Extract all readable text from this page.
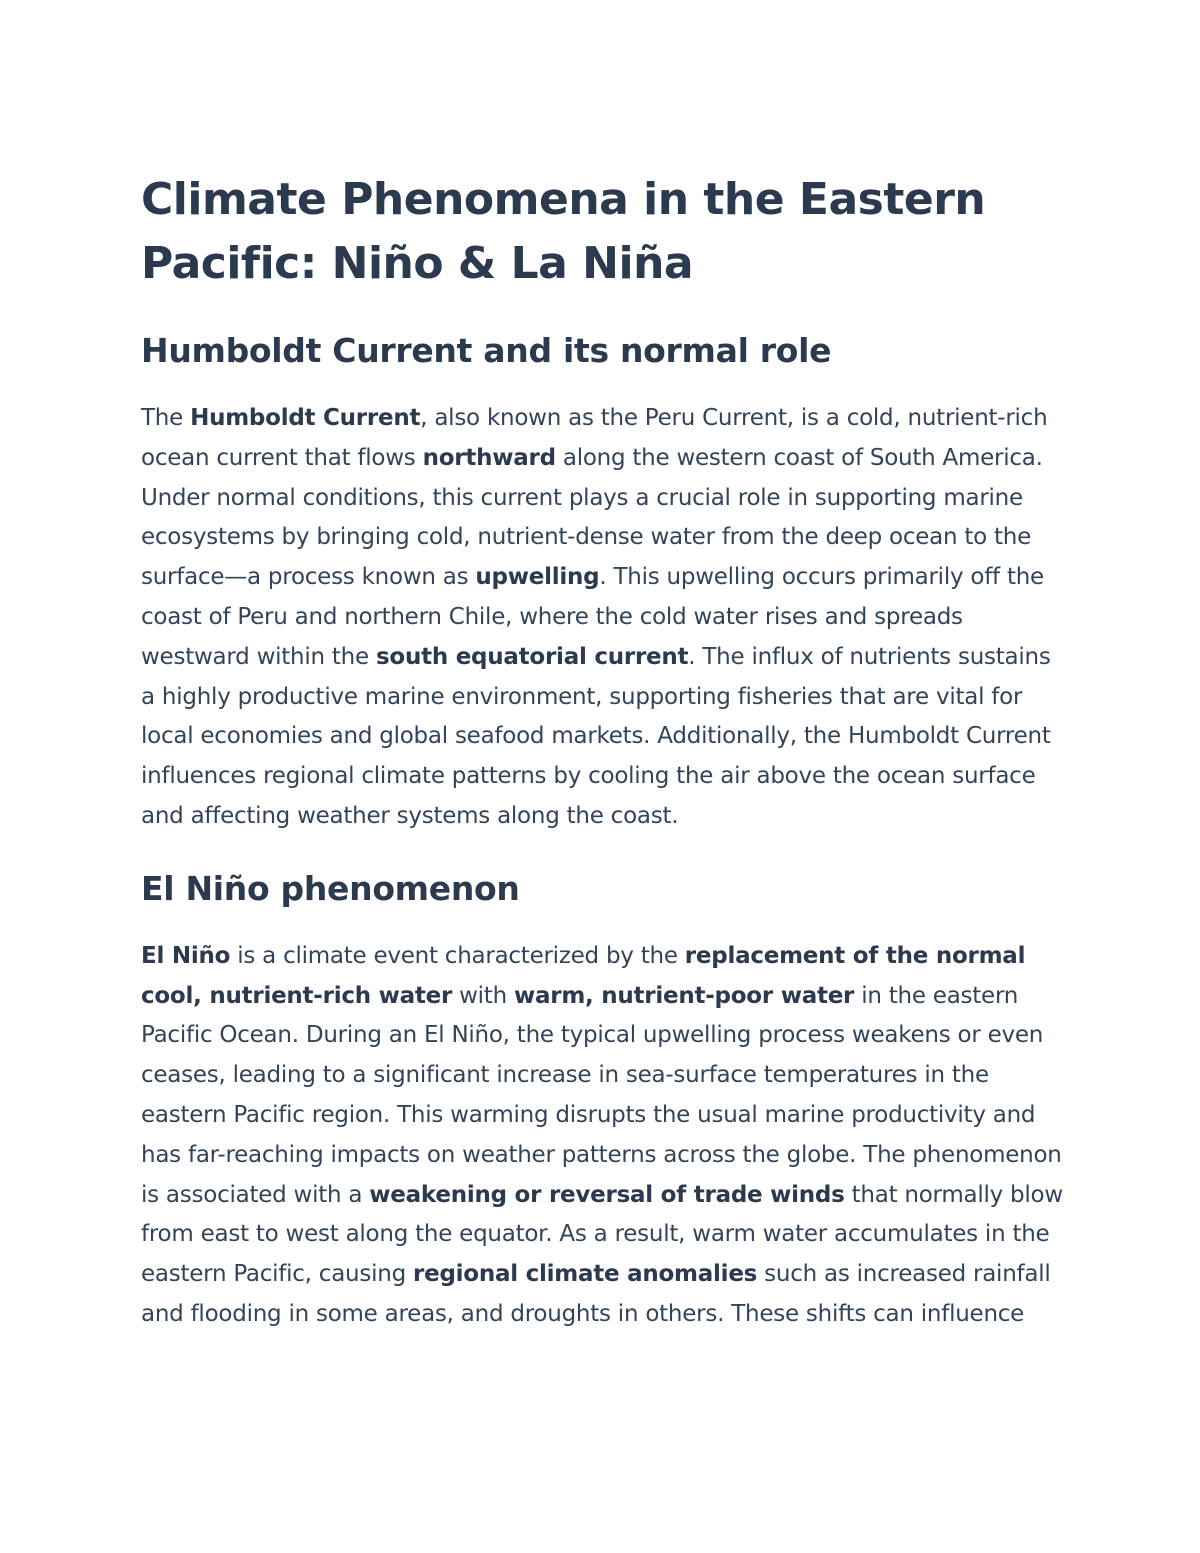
Climate Phenomena in the Eastern Pacific: Niño & La Niña
Humboldt Current and its normal role

The Humboldt Current, also known as the Peru Current, is a cold, nutrient-rich ocean current that flows northward along the western coast of South America. Under normal conditions, this current plays a crucial role in supporting marine ecosystems by bringing cold, nutrient-dense water from the deep ocean to the surface—a process known as upwelling. This upwelling occurs primarily off the coast of Peru and northern Chile, where the cold water rises and spreads westward within the south equatorial current. The influx of nutrients sustains a highly productive marine environment, supporting fisheries that are vital for local economies and global seafood markets. Additionally, the Humboldt Current influences regional climate patterns by cooling the air above the ocean surface and affecting weather systems along the coast.

El Niño phenomenon

El Niño is a climate event characterized by the replacement of the normal cool, nutrient-rich water with warm, nutrient-poor water in the eastern Pacific Ocean. During an El Niño, the typical upwelling process weakens or even ceases, leading to a significant increase in sea-surface temperatures in the eastern Pacific region. This warming disrupts the usual marine productivity and has far-reaching impacts on weather patterns across the globe. The phenomenon is associated with a weakening or reversal of trade winds that normally blow from east to west along the equator. As a result, warm water accumulates in the eastern Pacific, causing regional climate anomalies such as increased rainfall and flooding in some areas, and droughts in others. These shifts can influence
